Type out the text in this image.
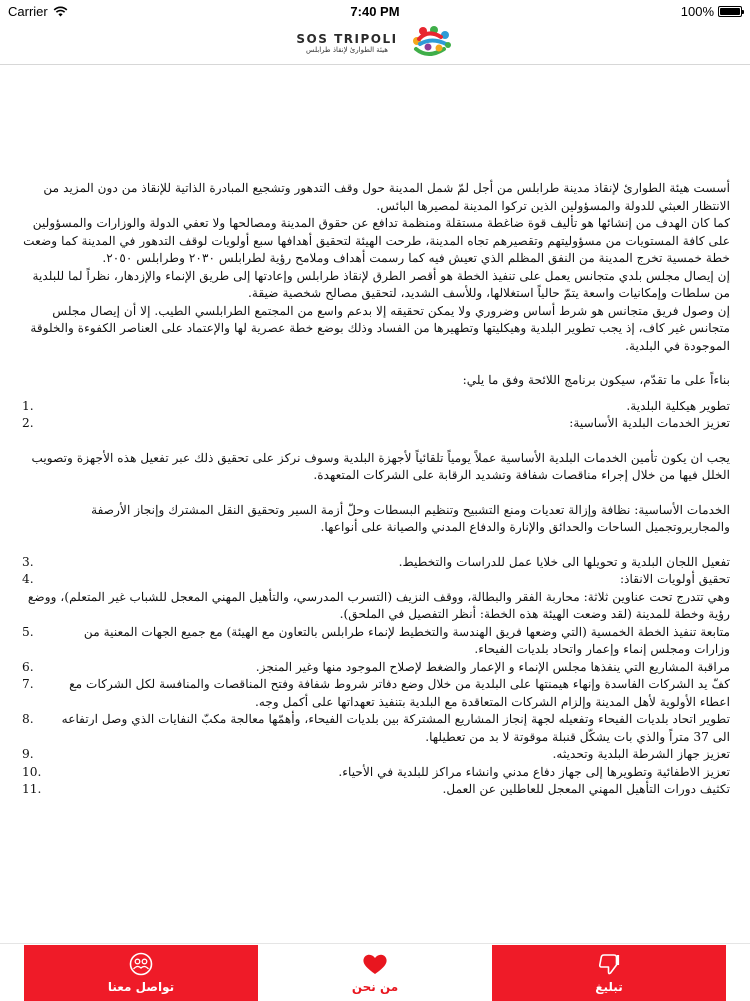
Carrier	7:40 PM	100%
SOS TRIPOLI
هيئة الطوارئ لإنقاذ طرابلس

أسست هيئة الطوارئ لإنقاذ مدينة طرابلس من أجل لمّ شمل المدينة حول وقف التدهور وتشجيع المبادرة الذاتية للإنقاذ من دون المزيد من الانتظار العبثي للدولة والمسؤولين الذين تركوا المدينة لمصيرها البائس.

كما كان الهدف من إنشائها هو تأليف قوة ضاغطة مستقلة ومنظمة تدافع عن حقوق المدينة ومصالحها ولا تعفي الدولة والوزارات والمسؤولين على كافة المستويات من مسؤوليتهم وتقصيرهم تجاه المدينة، طرحت الهيئة لتحقيق أهدافها سبع أولويات لوقف التدهور في المدينة كما وضعت خطة خمسية تخرج المدينة من النفق المظلم الذي تعيش فيه كما رسمت أهداف وملامح رؤية لطرابلس ٢٠٣٠ وطرابلس ٢٠٥٠.

إن إيصال مجلس بلدي متجانس يعمل على تنفيذ الخطة هو أقصر الطرق لإنقاذ طرابلس وإعادتها إلى طريق الإنماء والإزدهار، نظراً لما للبلدية من سلطات وإمكانيات واسعة يتمّ حالياً استغلالها، وللأسف الشديد، لتحقيق مصالح شخصية ضيقة.

إن وصول فريق متجانس هو شرط أساس وضروري ولا يمكن تحقيقه إلا بدعم واسع من المجتمع الطرابلسي الطيب. إلا أن إيصال مجلس متجانس غير كاف، إذ يجب تطوير البلدية وهيكليتها وتطهيرها من الفساد وذلك بوضع خطة عصرية لها والإعتماد على العناصر الكفوءة والخلوقة الموجودة في البلدية.

بناءاً على ما تقدّم، سيكون برنامج اللائحة وفق ما يلي:

تطوير هيكلية البلدية.
1.
تعزيز الخدمات البلدية الأساسية:
2.

يجب ان يكون تأمين الخدمات البلدية الأساسية عملاً يومياً تلقائياً لأجهزة البلدية وسوف نركز على تحقيق ذلك عبر تفعيل هذه الأجهزة وتصويب الخلل فيها من خلال إجراء مناقصات شفافة وتشديد الرقابة على الشركات المتعهدة.

الخدمات الأساسية: نظافة وإزالة تعديات ومنع التشبيح وتنظيم البسطات وحلّ أزمة السير وتحقيق النقل المشترك وإنجاز الأرصفة والمجاريروتجميل الساحات والحدائق والإنارة والدفاع المدني والصيانة على أنواعها.

تفعيل اللجان البلدية و تحويلها الى خلايا عمل للدراسات والتخطيط.
3.
تحقيق أولويات الانقاذ:
4.

وهي تتدرج تحت عناوين ثلاثة: محاربة الفقر والبطالة، ووقف النزيف (التسرب المدرسي، والتأهيل المهني المعجل للشباب غير المتعلم)، ووضع رؤية وخطة للمدينة (لقد وضعت الهيئة هذه الخطة: أنظر التفصيل في الملحق).

متابعة تنفيذ الخطة الخمسية (التي وضعها فريق الهندسة والتخطيط لإنماء طرابلس بالتعاون مع الهيئة) مع جميع الجهات المعنية من وزارات ومجلس إنماء وإعمار واتحاد بلديات الفيحاء.
5.
مراقبة المشاريع التي ينفذها مجلس الإنماء و الإعمار والضغط لإصلاح الموجود منها وغير المنجز.
6.
كفّ يد الشركات الفاسدة وإنهاء هيمنتها على البلدية من خلال وضع دفاتر شروط شفافة وفتح المناقصات والمنافسة لكل الشركات مع اعطاء الأولوية لأهل المدينة وإلزام الشركات المتعاقدة مع البلدية بتنفيذ تعهداتها على أكمل وجه.
7.
تطوير اتحاد بلديات الفيحاء وتفعيله لجهة إنجاز المشاريع المشتركة بين بلديات الفيحاء، وأهمّها معالجة مكبّ النفايات الذي وصل ارتفاعه الى 37 متراً والذي بات يشكّل قنبلة موقوتة لا بد من تعطيلها.
8.
تعزيز جهاز الشرطة البلدية وتحديثه.
9.
تعزيز الاطفائية وتطويرها إلى جهاز دفاع مدني وانشاء مراكز للبلدية في الأحياء.
10.
تكثيف دورات التأهيل المهني المعجل للعاطلين عن العمل.
11.
تواصل معنا	من نحن	تبليغ
